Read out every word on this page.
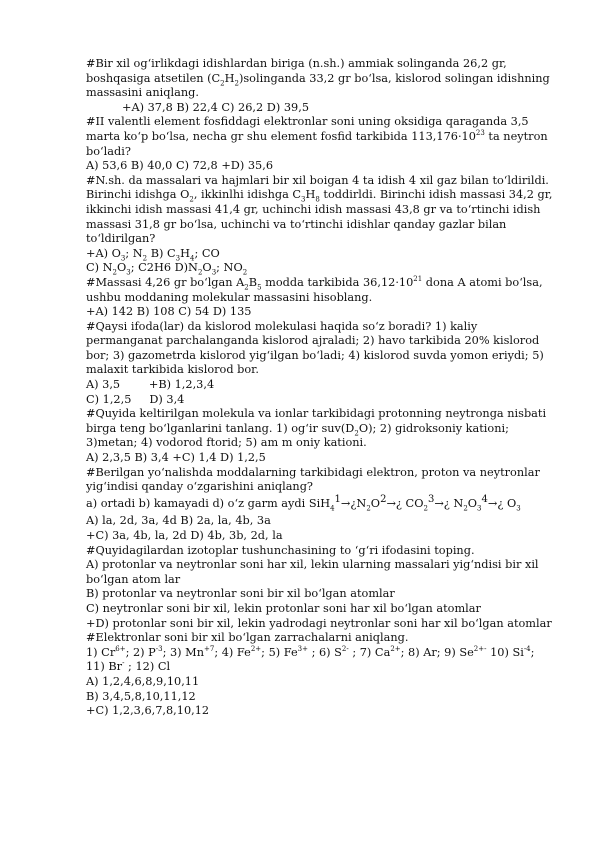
#Bir xil og‘irlikdagi idishlardan biriga (n.sh.) ammiak solinganda 26,2 gr,
boshqasiga atsetilen $(C_2H_2)solinganda$ 33,2 gr bo‘lsa, kislorod solingan idishning
massasini aniqlang.
+A) 37,8 B) 22,4 C) 26,2 D) 39,5
#II valentli element fosfiddagi elektronlar soni uning oksidiga qaraganda 3,5
marta ko‘p bo‘lsa, necha gr shu element fosfid tarkibida $113,176\cdot 10^{23}$ ta neytron
bo‘ladi?
A) 53,6 B) 40,0 C) 72,8 +D) 35,6
#N.sh. da massalari va hajmlari bir xil boigan 4 ta idish 4 xil gaz bilan to‘ldirildi.
Birinchi idishga $O_2$, ikkinlhi idishga $C_3H_8$ toddirldi. Birinchi idish massasi 34,2 gr,
ikkinchi idish massasi 41,4 gr, uchinchi idish massasi 43,8 gr va to‘rtinchi idish
massasi 31,8 gr bo‘lsa, uchinchi va to‘rtinchi idishlar qanday gazlar bilan
to‘ldirilgan?
+A) $O_3$; $N_2$ B) $C_3H_4$; CO
C) $N_2O_3$; C2H6 $D)N_2O_3$; $NO_2$
#Massasi 4,26 gr bo‘lgan $A_2B_5$ modda tarkibida $36,12\cdot 10^{21}$ dona A atomi bo‘lsa,
ushbu moddaning molekular massasini hisoblang.
+A) 142 B) 108 C) 54 D) 135
#Qaysi ifoda(lar) da kislorod molekulasi haqida so‘z boradi? 1) kaliy
permanganat parchalanganda kislorod ajraladi; 2) havo tarkibida 20% kislorod
bor; 3) gazometrda kislorod yig‘ilgan bo‘ladi; 4) kislorod suvda yomon eriydi; 5)
malaxit tarkibida kislorod bor.
A) 3,5        +B) 1,2,3,4
C) 1,2,5     D) 3,4
#Quyida keltirilgan molekula va ionlar tarkibidagi protonning neytronga nisbati
birga teng bo‘lganlarini tanlang. 1) og‘ir $suv(D_2O)$; 2) gidroksoniy kationi;
3)metan; 4) vodorod ftorid; 5) am m oniy kationi.
A) 2,3,5 B) 3,4 +C) 1,4 D) 1,2,5
#Berilgan yo‘nalishda moddalarning tarkibidagi elektron, proton va neytronlar
yig‘indisi qanday o‘zgarishini aniqlang?
a) ortadi b) kamayadi d) o‘z garm aydi $SiH_41\to¿N_2O2\to¿$ $CO_23\to¿$ $N_2O_34\to¿$ $O_3$
A) la, 2d, 3a, 4d B) 2a, la, 4b, 3a
+C) 3a, 4b, la, 2d D) 4b, 3b, 2d, la
#Quyidagilardan izotoplar tushunchasining to ‘g‘ri ifodasini toping.
A) protonlar va neytronlar soni har xil, lekin ularning massalari yig‘ndisi bir xil
bo‘lgan atom lar
B) protonlar va neytronlar soni bir xil bo‘lgan atomlar
C) neytronlar soni bir xil, lekin protonlar soni har xil bo‘lgan atomlar
+D) protonlar soni bir xil, lekin yadrodagi neytronlar soni har xil bo‘lgan atomlar
#Elektronlar soni bir xil bo‘lgan zarrachalarni aniqlang.
1) $Cr^{6+}$; 2) $P^{-3}$; 3) $Mn^{+7}$; 4) $Fe^{2+}$; 5) $Fe^{3+}$ ; 6) $S^{2-}$ ; 7) $Ca^{2+}$; 8) Ar; 9) $Se^{2+-}$ 10) $Si^{-4}$;
11) Br- ; 12) Cl
A) 1,2,4,6,8,9,10,11
B) 3,4,5,8,10,11,12
+C) 1,2,3,6,7,8,10,12
